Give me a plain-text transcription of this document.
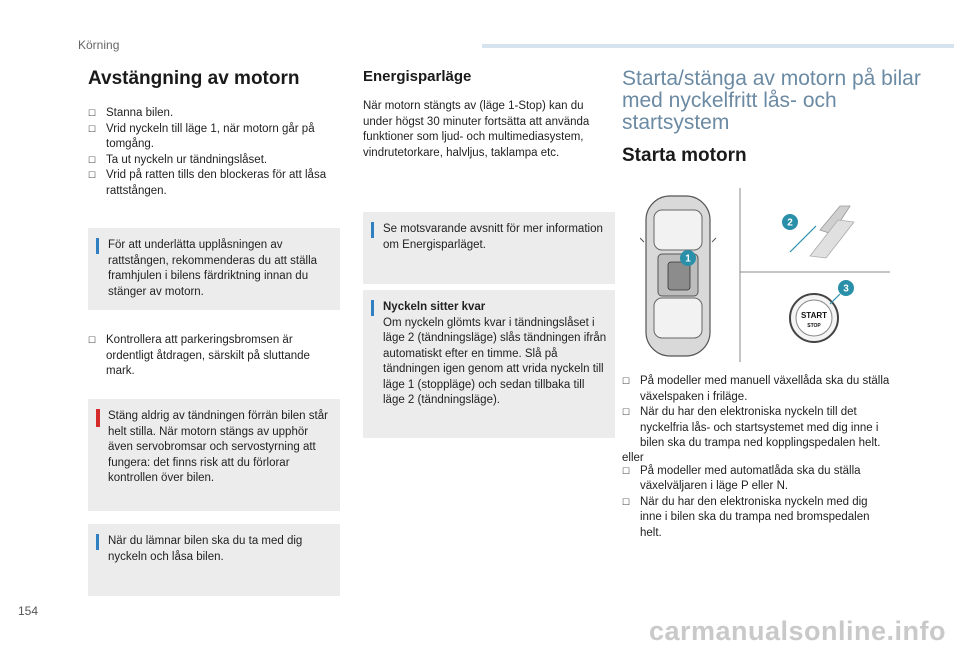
Körning
Avstängning av motorn
☐ Stanna bilen.
☐ Vrid nyckeln till läge 1, när motorn går på tomgång.
☐ Ta ut nyckeln ur tändningslåset.
☐ Vrid på ratten tills den blockeras för att låsa rattstången.
För att underlätta upplåsningen av rattstången, rekommenderas du att ställa framhjulen i bilens färdriktning innan du stänger av motorn.
☐ Kontrollera att parkeringsbromsen är ordentligt åtdragen, särskilt på sluttande mark.
Stäng aldrig av tändningen förrän bilen står helt stilla. När motorn stängs av upphör även servobromsar och servostyrning att fungera: det finns risk att du förlorar kontrollen över bilen.
När du lämnar bilen ska du ta med dig nyckeln och låsa bilen.
Energisparläge
När motorn stängts av (läge 1-Stop) kan du under högst 30 minuter fortsätta att använda funktioner som ljud- och multimediasystem, vindrutetorkare, halvljus, taklampa etc.
Se motsvarande avsnitt för mer information om Energisparläget.
Nyckeln sitter kvar
Om nyckeln glömts kvar i tändningslåset i läge 2 (tändningsläge) slås tändningen ifrån automatiskt efter en timme. Slå på tändningen igen genom att vrida nyckeln till läge 1 (stoppläge) och sedan tillbaka till läge 2 (tändningsläge).
Starta/stänga av motorn på bilar med nyckelfritt lås- och startsystem
Starta motorn
START
STOP
1
2
3
☐ På modeller med manuell växellåda ska du ställa växelspaken i friläge.
☐ När du har den elektroniska nyckeln till det nyckelfria lås- och startsystemet med dig inne i bilen ska du trampa ned kopplingspedalen helt.
eller
☐ På modeller med automatlåda ska du ställa växelväljaren i läge P eller N.
☐ När du har den elektroniska nyckeln med dig inne i bilen ska du trampa ned bromspedalen helt.
154
carmanualsonline.info
